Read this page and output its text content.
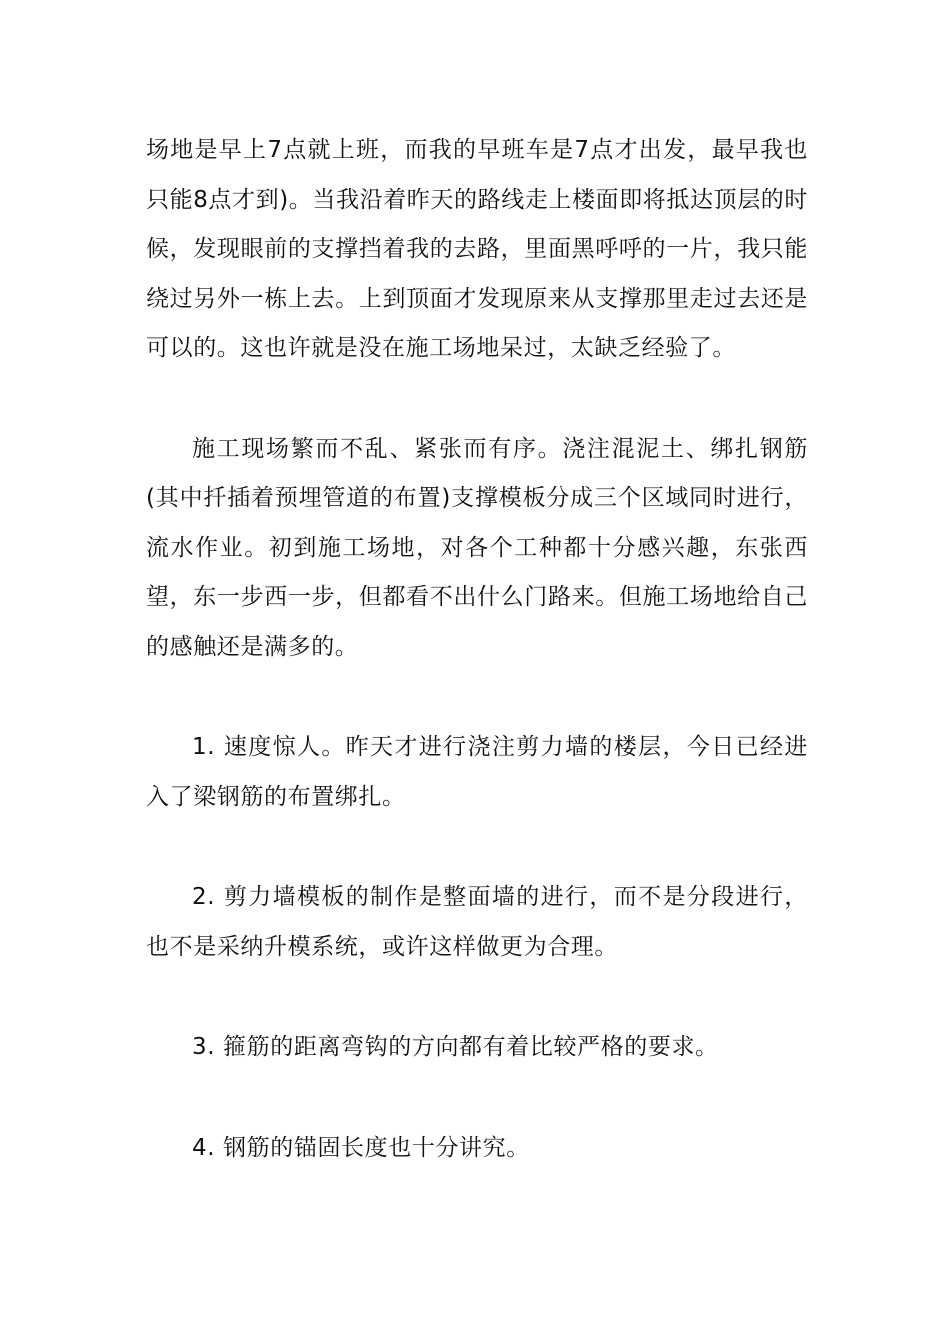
场地是早上7点就上班，而我的早班车是7点才出发，最早我也只能8点才到)。当我沿着昨天的路线走上楼面即将抵达顶层的时候，发现眼前的支撑挡着我的去路，里面黑呼呼的一片，我只能绕过另外一栋上去。上到顶面才发现原来从支撑那里走过去还是可以的。这也许就是没在施工场地呆过，太缺乏经验了。

施工现场繁而不乱、紧张而有序。浇注混泥土、绑扎钢筋(其中扦插着预埋管道的布置)支撑模板分成三个区域同时进行，流水作业。初到施工场地，对各个工种都十分感兴趣，东张西望，东一步西一步，但都看不出什么门路来。但施工场地给自己的感触还是满多的。

1. 速度惊人。昨天才进行浇注剪力墙的楼层，今日已经进入了梁钢筋的布置绑扎。

2. 剪力墙模板的制作是整面墙的进行，而不是分段进行，也不是采纳升模系统，或许这样做更为合理。

3. 箍筋的距离弯钩的方向都有着比较严格的要求。

4. 钢筋的锚固长度也十分讲究。
